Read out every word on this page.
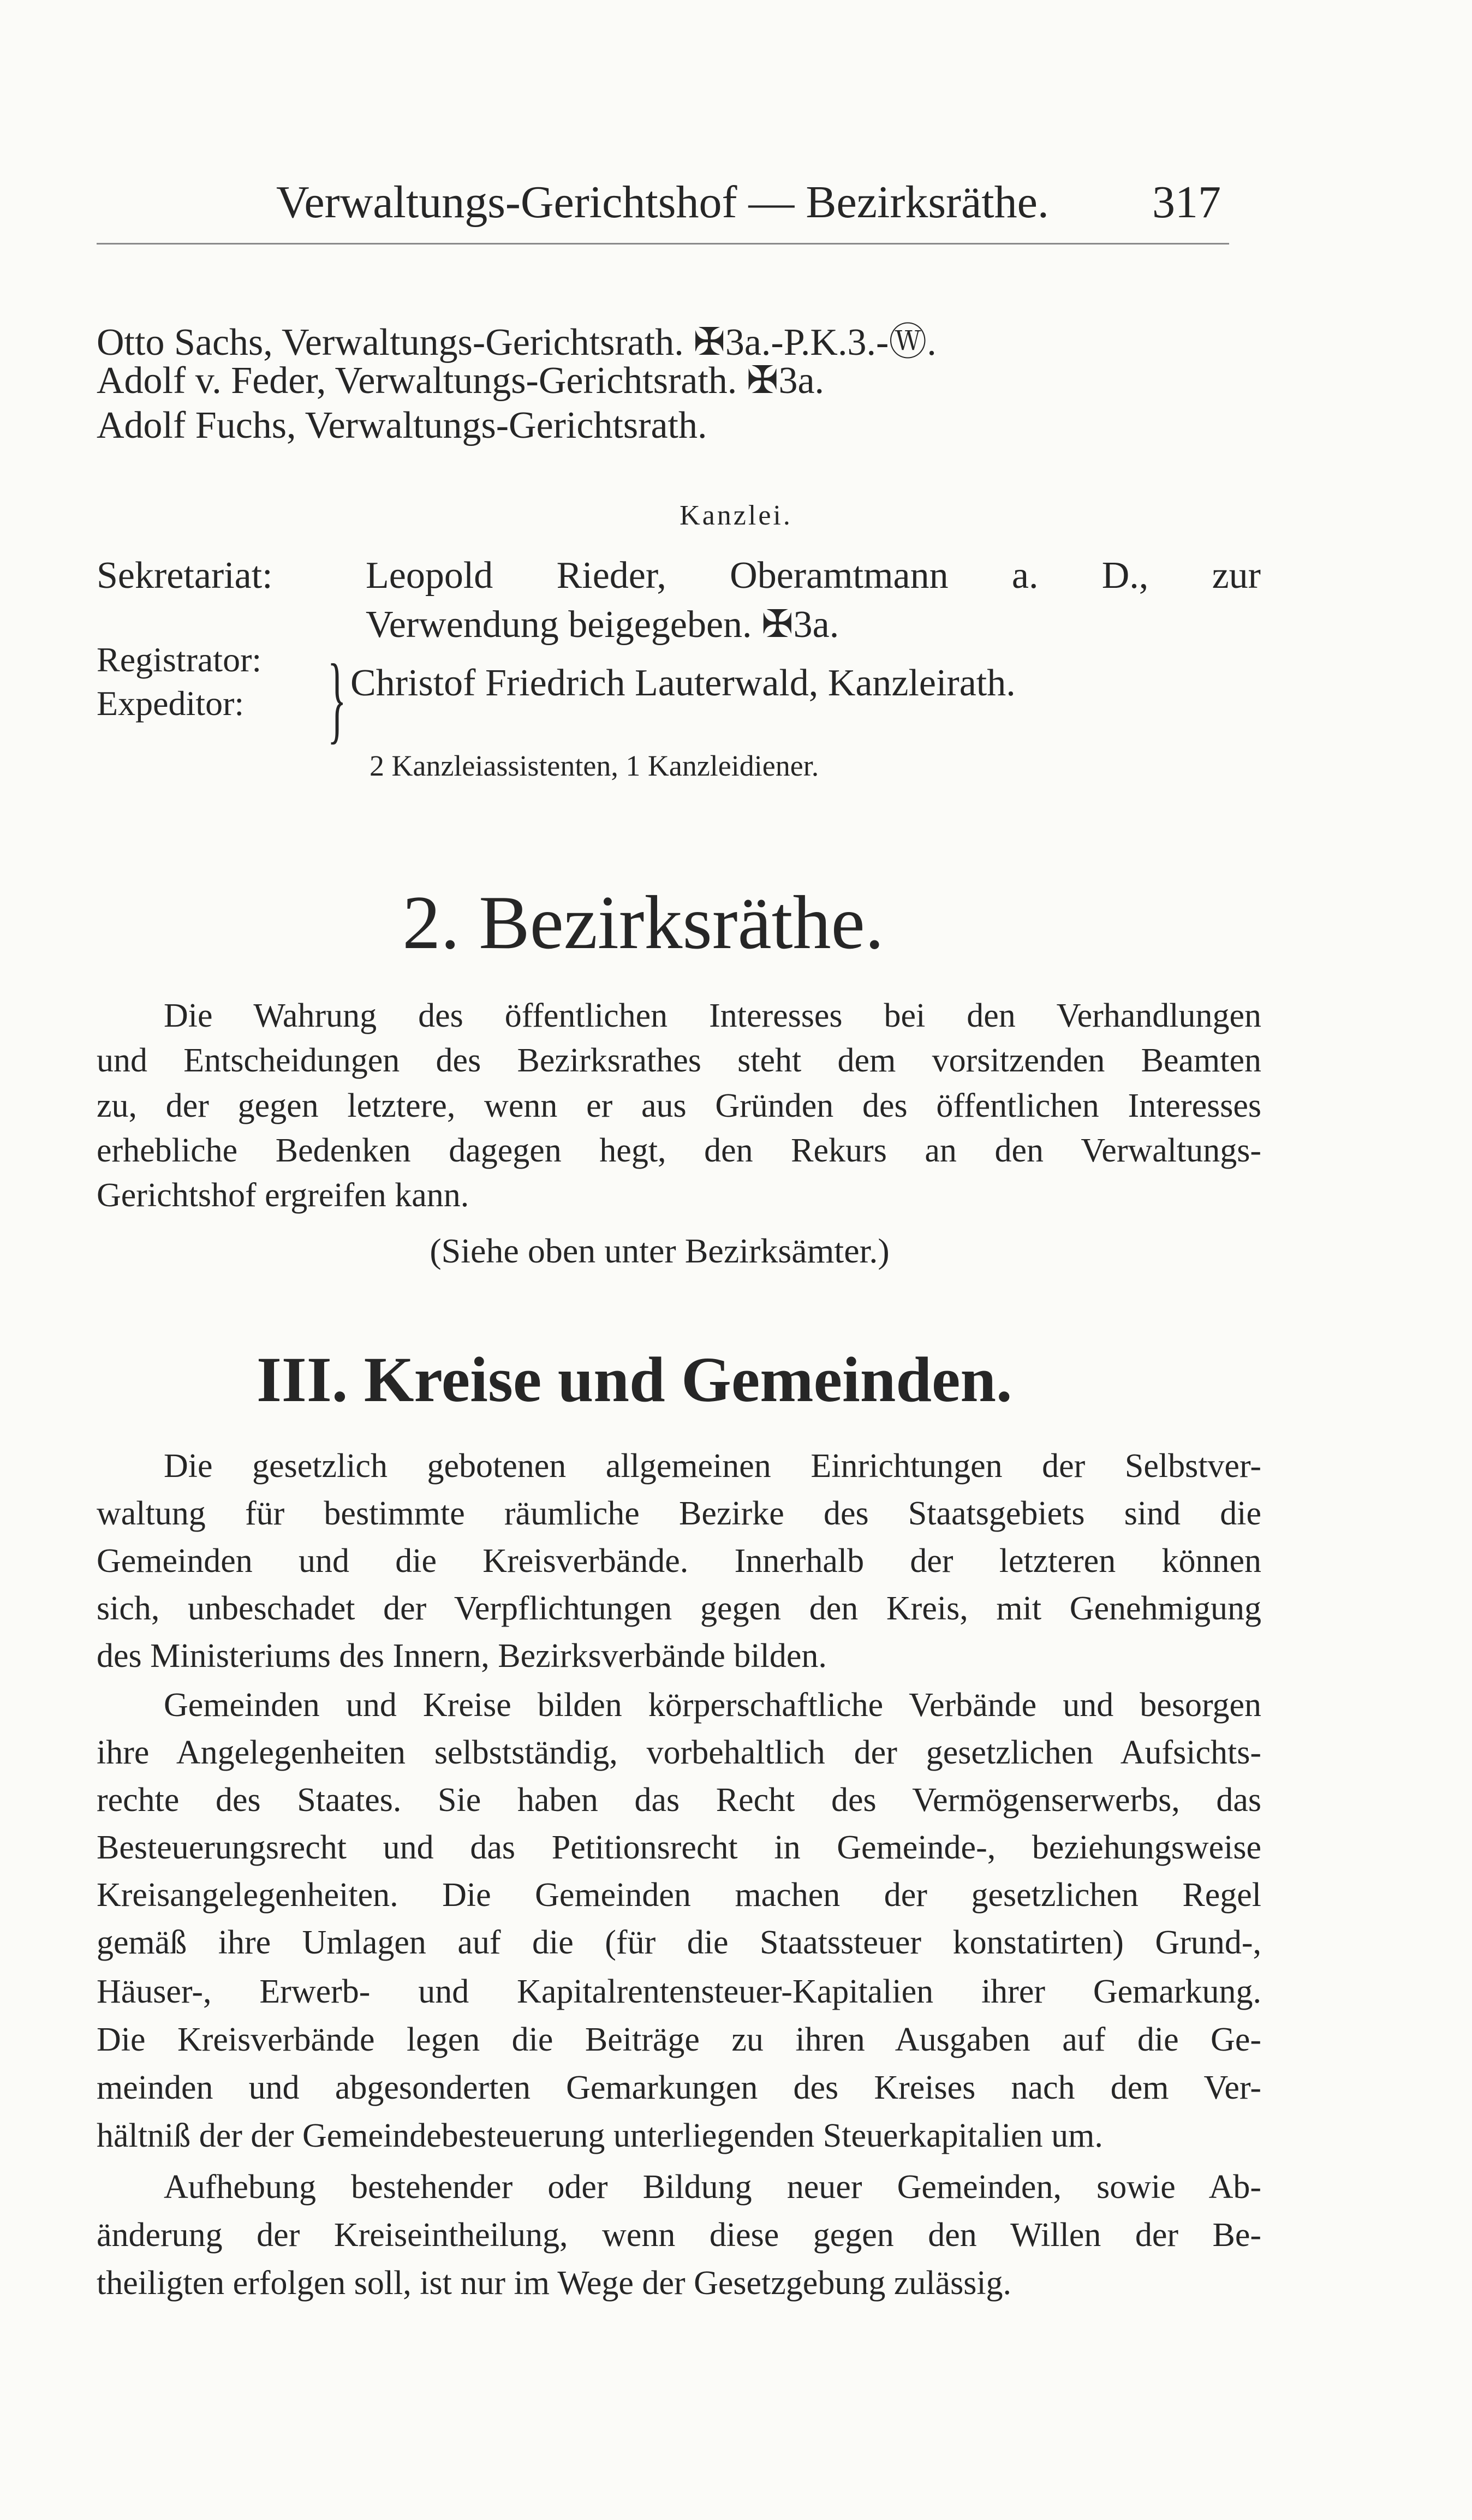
Verwaltungs-Gerichtshof — Bezirksräthe. 317
Otto Sachs, Verwaltungs-Gerichtsrath. ✠3a.-P.K.3.-Ⓦ.
Adolf v. Feder, Verwaltungs-Gerichtsrath. ✠3a.
Adolf Fuchs, Verwaltungs-Gerichtsrath.
Kanzlei.
Sekretariat: Leopold Rieder, Oberamtmann a. D., zur
Verwendung beigegeben. ✠3a.
Registrator:
Expeditor: } Christof Friedrich Lauterwald, Kanzleirath.
2 Kanzleiassistenten, 1 Kanzleidiener.
2. Bezirksräthe.
Die Wahrung des öffentlichen Interesses bei den Verhandlungen
und Entscheidungen des Bezirksrathes steht dem vorsitzenden Beamten
zu, der gegen letztere, wenn er aus Gründen des öffentlichen Interesses
erhebliche Bedenken dagegen hegt, den Rekurs an den Verwaltungs-
Gerichtshof ergreifen kann.
(Siehe oben unter Bezirksämter.)
III. Kreise und Gemeinden.
Die gesetzlich gebotenen allgemeinen Einrichtungen der Selbstver-
waltung für bestimmte räumliche Bezirke des Staatsgebiets sind die
Gemeinden und die Kreisverbände. Innerhalb der letzteren können
sich, unbeschadet der Verpflichtungen gegen den Kreis, mit Genehmigung
des Ministeriums des Innern, Bezirksverbände bilden.
Gemeinden und Kreise bilden körperschaftliche Verbände und besorgen
ihre Angelegenheiten selbstständig, vorbehaltlich der gesetzlichen Aufsichts-
rechte des Staates. Sie haben das Recht des Vermögenserwerbs, das
Besteuerungsrecht und das Petitionsrecht in Gemeinde-, beziehungsweise
Kreisangelegenheiten. Die Gemeinden machen der gesetzlichen Regel
gemäß ihre Umlagen auf die (für die Staatssteuer konstatirten) Grund-,
Häuser-, Erwerb- und Kapitalrentensteuer-Kapitalien ihrer Gemarkung.
Die Kreisverbände legen die Beiträge zu ihren Ausgaben auf die Ge-
meinden und abgesonderten Gemarkungen des Kreises nach dem Ver-
hältniß der der Gemeindebesteuerung unterliegenden Steuerkapitalien um.
Aufhebung bestehender oder Bildung neuer Gemeinden, sowie Ab-
änderung der Kreiseintheilung, wenn diese gegen den Willen der Be-
theiligten erfolgen soll, ist nur im Wege der Gesetzgebung zulässig.
